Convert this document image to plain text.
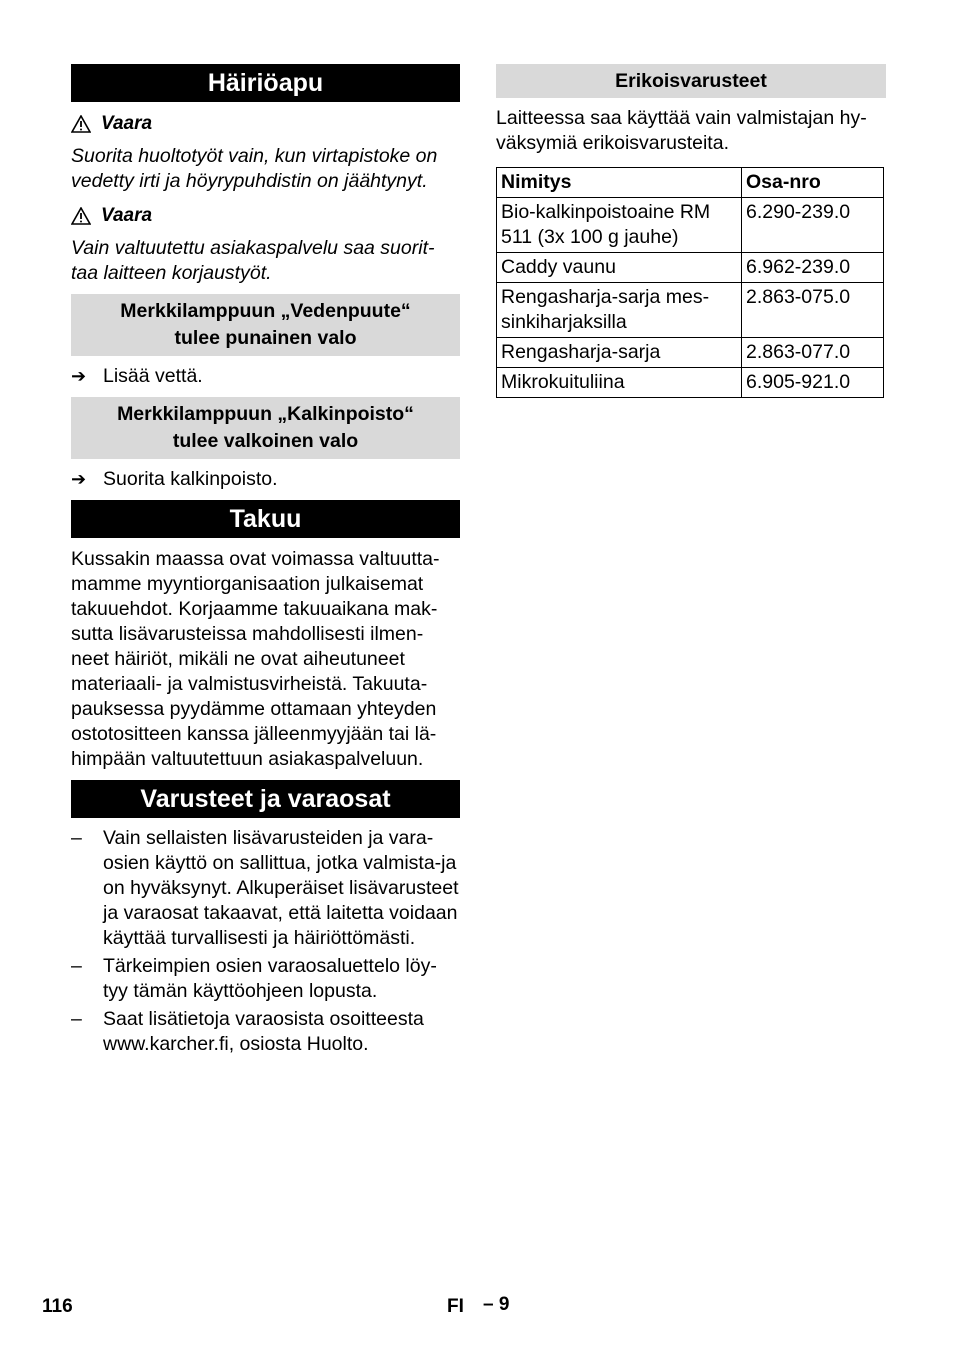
Häiriöapu
Vaara
Suorita huoltotyöt vain, kun virtapistoke on vedetty irti ja höyrypuhdistin on jäähtynyt.
Vaara
Vain valtuutettu asiakaspalvelu saa suorit-taa laitteen korjaustyöt.
Merkkilamppuun „Vedenpuute“
tulee punainen valo
➔ Lisää vettä.
Merkkilamppuun „Kalkinpoisto“
tulee valkoinen valo
➔ Suorita kalkinpoisto.
Takuu

Kussakin maassa ovat voimassa valtuutta-mamme myyntiorganisaation julkaisemat takuuehdot. Korjaamme takuuaikana mak-sutta lisävarusteissa mahdollisesti ilmen-neet häiriöt, mikäli ne ovat aiheutuneet materiaali- ja valmistusvirheistä. Takuuta-pauksessa pyydämme ottamaan yhteyden ostotositteen kanssa jälleenmyyjään tai lä-himpään valtuutettuun asiakaspalveluun.

Varusteet ja varaosat
–	Vain sellaisten lisävarusteiden ja vara-osien käyttö on sallittua, jotka valmista-ja on hyväksynyt. Alkuperäiset lisävarusteet ja varaosat takaavat, että laitetta voidaan käyttää turvallisesti ja häiriöttömästi.
–	Tärkeimpien osien varaosaluettelo löy-tyy tämän käyttöohjeen lopusta.
–	Saat lisätietoja varaosista osoitteesta www.karcher.fi, osiosta Huolto.
Erikoisvarusteet

Laitteessa saa käyttää vain valmistajan hy-väksymiä erikoisvarusteita.

Nimitys	Osa-nro
Bio-kalkinpoistoaine RM 511 (3x 100 g jauhe)	6.290-239.0
Caddy vaunu	6.962-239.0
Rengasharja-sarja mes-sinkiharjaksilla	2.863-075.0
Rengasharja-sarja	2.863-077.0
Mikrokuituliina	6.905-921.0
116	FI – 9
